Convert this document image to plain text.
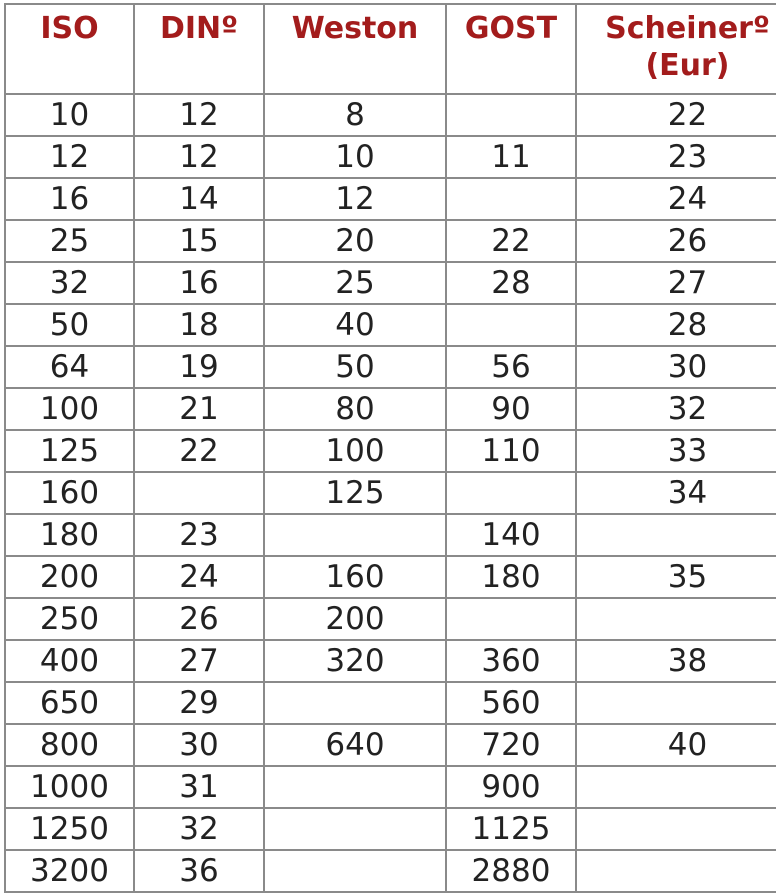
ISO	DINº	Weston	GOST	Scheinerº
(Eur)
10	12	8		22
12	12	10	11	23
16	14	12		24
25	15	20	22	26
32	16	25	28	27
50	18	40		28
64	19	50	56	30
100	21	80	90	32
125	22	100	110	33
160		125		34
180	23		140	
200	24	160	180	35
250	26	200		
400	27	320	360	38
650	29		560	
800	30	640	720	40
1000	31		900	
1250	32		1125	
3200	36		2880	
